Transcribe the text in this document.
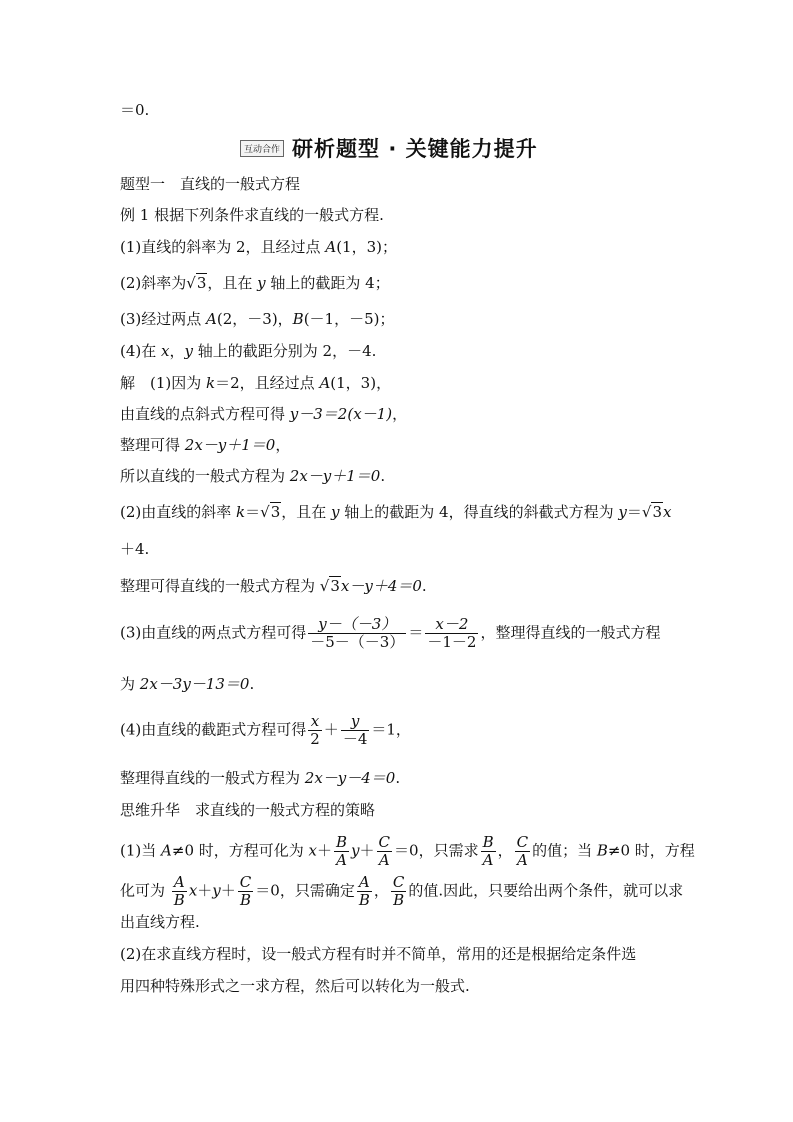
＝0.
互动合作 研析题型 · 关键能力提升
题型一　直线的一般式方程
例 1 根据下列条件求直线的一般式方程.
(1)直线的斜率为 2，且经过点 A(1，3)；
(2)斜率为√3，且在 y 轴上的截距为 4；
(3)经过两点 A(2，－3)，B(－1，－5)；
(4)在 x，y 轴上的截距分别为 2，－4.
解　(1)因为 k＝2，且经过点 A(1，3)，
由直线的点斜式方程可得 y－3＝2(x－1)，
整理可得 2x－y＋1＝0，
所以直线的一般式方程为 2x－y＋1＝0.
(2)由直线的斜率 k＝√3，且在 y 轴上的截距为 4，得直线的斜截式方程为 y＝√3x
＋4.
整理可得直线的一般式方程为 √3x－y＋4＝0.
(3)由直线的两点式方程可得 $\frac{y-(-3)}{-5-(-3)} = \frac{x-2}{-1-2}$ ，整理得直线的一般式方程
为 2x－3y－13＝0.
(4)由直线的截距式方程可得 $\frac{x}{2} + \frac{y}{-4} =1$，
整理得直线的一般式方程为 2x－y－4＝0.
思维升华　求直线的一般式方程的策略
(1)当 A≠0 时，方程可化为 $x+ \frac{B}{A} y+ \frac{C}{A} =0$，只需求 $\frac{B}{A}$ ， $\frac{C}{A}$ 的值；当 B≠0 时，方程
化可为 $\frac{A}{B} x+y+ \frac{C}{B} =0$，只需确定 $\frac{A}{B}$ ， $\frac{C}{B}$ 的值.因此，只要给出两个条件，就可以求
出直线方程.
(2)在求直线方程时，设一般式方程有时并不简单，常用的还是根据给定条件选
用四种特殊形式之一求方程，然后可以转化为一般式.
